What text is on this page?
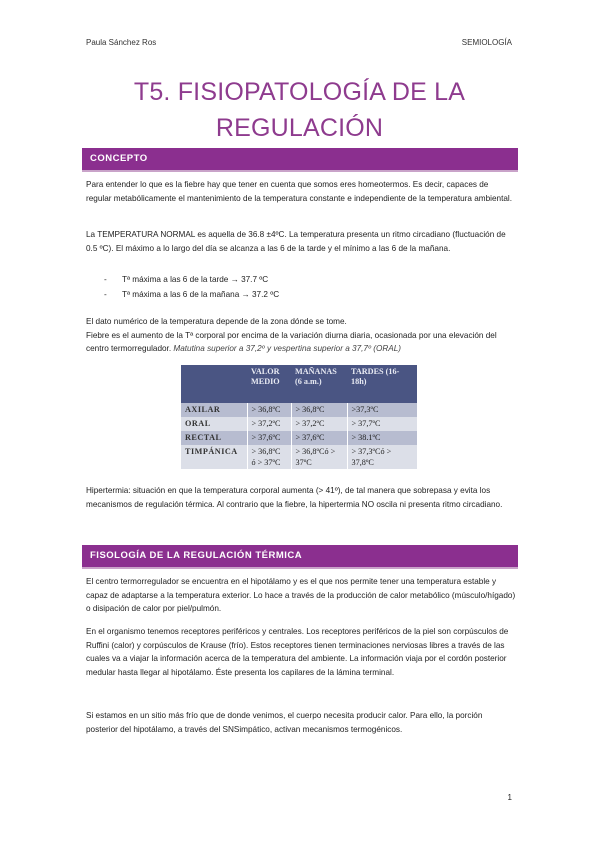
Paula Sánchez Ros	SEMIOLOGÍA
T5. FISIOPATOLOGÍA DE LA REGULACIÓN
CONCEPTO
Para entender lo que es la fiebre hay que tener en cuenta que somos eres homeotermos. Es decir, capaces de regular metabólicamente el mantenimiento de la temperatura constante e independiente de la temperatura ambiental.
La TEMPERATURA NORMAL es aquella de 36.8 ±4ºC. La temperatura presenta un ritmo circadiano (fluctuación de 0.5 ºC). El máximo a lo largo del día se alcanza a las 6 de la tarde y el mínimo a las 6 de la mañana.
- Tª máxima a las 6 de la tarde → 37.7 ºC
- Tª máxima a las 6 de la mañana → 37.2 ºC
El dato numérico de la temperatura depende de la zona dónde se tome.
Fiebre es el aumento de la Tª corporal por encima de la variación diurna diaria, ocasionada por una elevación del centro termorregulador. Matutina superior a 37,2º y vespertina superior a 37,7º (ORAL)
	VALOR MEDIO	MAÑANAS (6 a.m.)	TARDES (16-18h)
AXILAR	> 36,8ºC	> 36,8ºC	>37,3ºC
ORAL	> 37,2ºC	> 37,2ºC	> 37,7ºC
RECTAL	> 37,6ºC	> 37,6ºC	> 38.1ºC
TIMPÁNICA	> 36,8ºC ó > 37ºC	> 36,8ºCó > 37ºC	> 37,3ºCó > 37,8ºC
Hipertermia: situación en que la temperatura corporal aumenta (> 41º), de tal manera que sobrepasa y evita los mecanismos de regulación térmica. Al contrario que la fiebre, la hipertermia NO oscila ni presenta ritmo circadiano.
FISOLOGÍA DE LA REGULACIÓN TÉRMICA
El centro termorregulador se encuentra en el hipotálamo y es el que nos permite tener una temperatura estable y capaz de adaptarse a la temperatura exterior. Lo hace a través de la producción de calor metabólico (músculo/hígado) o disipación de calor por piel/pulmón.
En el organismo tenemos receptores periféricos y centrales. Los receptores periféricos de la piel son corpúsculos de Ruffini (calor) y corpúsculos de Krause (frío). Estos receptores tienen terminaciones nerviosas libres a través de las cuales va a viajar la información acerca de la temperatura del ambiente. La información viaja por el cordón posterior medular hasta llegar al hipotálamo. Éste presenta los capilares de la lámina terminal.
Si estamos en un sitio más frío que de donde venimos, el cuerpo necesita producir calor. Para ello, la porción posterior del hipotálamo, a través del SNSimpático, activan mecanismos termogénicos.
1
